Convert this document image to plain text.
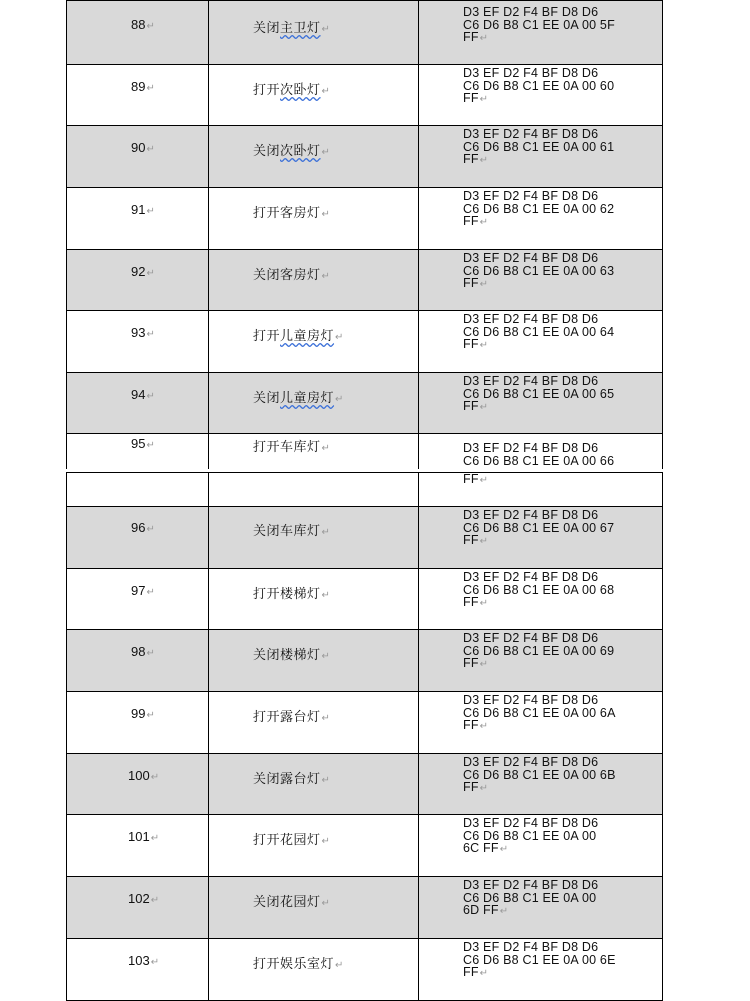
88↵	关闭主卫灯↵
D3 EF D2 F4 BF D8 D6
C6 D6 B8 C1 EE 0A 00 5F
FF↵
89↵	打开次卧灯↵
D3 EF D2 F4 BF D8 D6
C6 D6 B8 C1 EE 0A 00 60
FF↵
90↵	关闭次卧灯↵
D3 EF D2 F4 BF D8 D6
C6 D6 B8 C1 EE 0A 00 61
FF↵
91↵	打开客房灯↵
D3 EF D2 F4 BF D8 D6
C6 D6 B8 C1 EE 0A 00 62
FF↵
92↵	关闭客房灯↵
D3 EF D2 F4 BF D8 D6
C6 D6 B8 C1 EE 0A 00 63
FF↵
93↵	打开儿童房灯↵
D3 EF D2 F4 BF D8 D6
C6 D6 B8 C1 EE 0A 00 64
FF↵
94↵	关闭儿童房灯↵
D3 EF D2 F4 BF D8 D6
C6 D6 B8 C1 EE 0A 00 65
FF↵
95↵	打开车库灯↵	D3 EF D2 F4 BF D8 D6
C6 D6 B8 C1 EE 0A 00 66
FF↵
96↵	关闭车库灯↵
D3 EF D2 F4 BF D8 D6
C6 D6 B8 C1 EE 0A 00 67
FF↵
97↵	打开楼梯灯↵
D3 EF D2 F4 BF D8 D6
C6 D6 B8 C1 EE 0A 00 68
FF↵
98↵	关闭楼梯灯↵
D3 EF D2 F4 BF D8 D6
C6 D6 B8 C1 EE 0A 00 69
FF↵
99↵	打开露台灯↵
D3 EF D2 F4 BF D8 D6
C6 D6 B8 C1 EE 0A 00 6A
FF↵
100↵	关闭露台灯↵
D3 EF D2 F4 BF D8 D6
C6 D6 B8 C1 EE 0A 00 6B
FF↵
101↵	打开花园灯↵
D3 EF D2 F4 BF D8 D6
C6 D6 B8 C1 EE 0A 00
6C FF↵
102↵	关闭花园灯↵
D3 EF D2 F4 BF D8 D6
C6 D6 B8 C1 EE 0A 00
6D FF↵
103↵	打开娱乐室灯↵
D3 EF D2 F4 BF D8 D6
C6 D6 B8 C1 EE 0A 00 6E
FF↵
